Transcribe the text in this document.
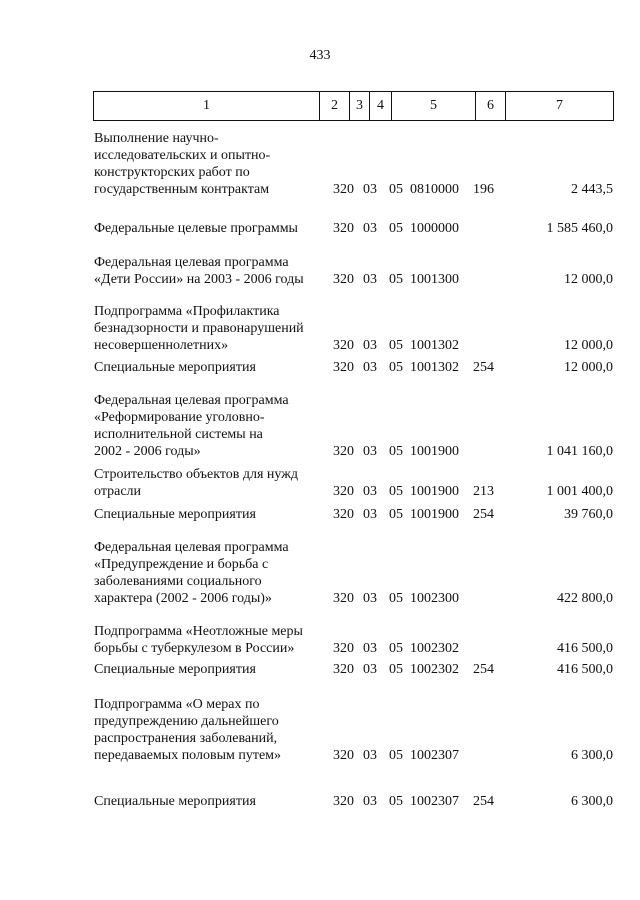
433
1	2	3	4	5	6	7
Выполнение научно-
исследовательских и опытно-
конструкторских работ по
государственным контрактам	320 03 05 0810000 196	2 443,5
Федеральные целевые программы	320 03 05 1000000	1 585 460,0
Федеральная целевая программа
«Дети России» на 2003 - 2006 годы	320 03 05 1001300	12 000,0
Подпрограмма «Профилактика
безнадзорности и правонарушений
несовершеннолетних»	320 03 05 1001302	12 000,0
Специальные мероприятия	320 03 05 1001302 254	12 000,0
Федеральная целевая программа
«Реформирование уголовно-
исполнительной системы на
2002 - 2006 годы»	320 03 05 1001900	1 041 160,0
Строительство объектов для нужд
отрасли	320 03 05 1001900 213	1 001 400,0
Специальные мероприятия	320 03 05 1001900 254	39 760,0
Федеральная целевая программа
«Предупреждение и борьба с
заболеваниями социального
характера (2002 - 2006 годы)»	320 03 05 1002300	422 800,0
Подпрограмма «Неотложные меры
борьбы с туберкулезом в России»	320 03 05 1002302	416 500,0
Специальные мероприятия	320 03 05 1002302 254	416 500,0
Подпрограмма «О мерах по
предупреждению дальнейшего
распространения заболеваний,
передаваемых половым путем»	320 03 05 1002307	6 300,0
Специальные мероприятия	320 03 05 1002307 254	6 300,0
